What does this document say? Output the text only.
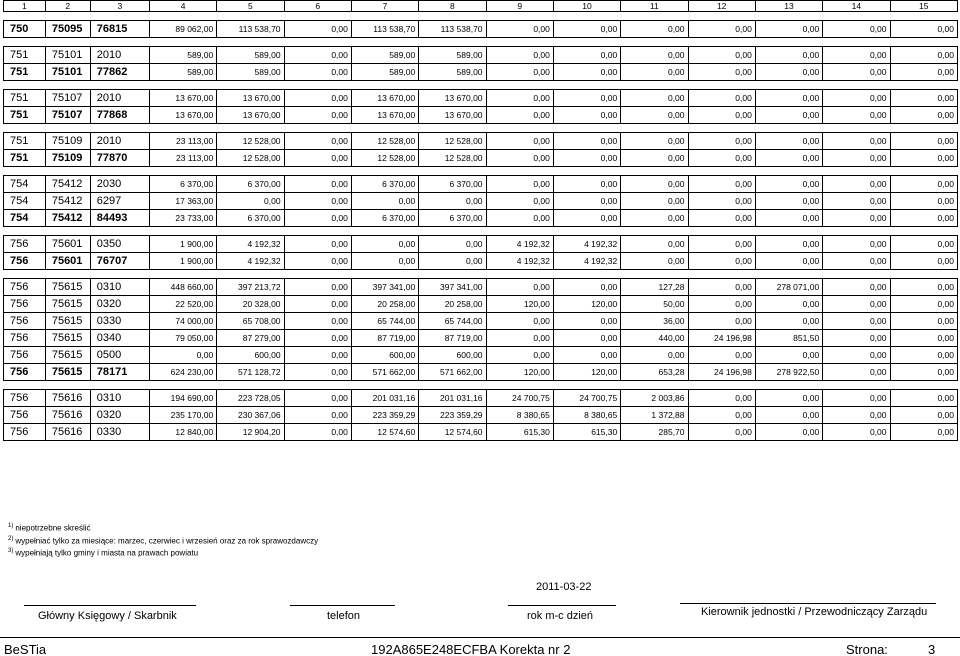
1	2	3	4	5	6	7	8	9	10	11	12	13	14	15

750	75095	76815	89 062,00	113 538,70	0,00	113 538,70	113 538,70	0,00	0,00	0,00	0,00	0,00	0,00	0,00

751	75101	2010	589,00	589,00	0,00	589,00	589,00	0,00	0,00	0,00	0,00	0,00	0,00	0,00
751	75101	77862	589,00	589,00	0,00	589,00	589,00	0,00	0,00	0,00	0,00	0,00	0,00	0,00

751	75107	2010	13 670,00	13 670,00	0,00	13 670,00	13 670,00	0,00	0,00	0,00	0,00	0,00	0,00	0,00
751	75107	77868	13 670,00	13 670,00	0,00	13 670,00	13 670,00	0,00	0,00	0,00	0,00	0,00	0,00	0,00

751	75109	2010	23 113,00	12 528,00	0,00	12 528,00	12 528,00	0,00	0,00	0,00	0,00	0,00	0,00	0,00
751	75109	77870	23 113,00	12 528,00	0,00	12 528,00	12 528,00	0,00	0,00	0,00	0,00	0,00	0,00	0,00

754	75412	2030	6 370,00	6 370,00	0,00	6 370,00	6 370,00	0,00	0,00	0,00	0,00	0,00	0,00	0,00
754	75412	6297	17 363,00	0,00	0,00	0,00	0,00	0,00	0,00	0,00	0,00	0,00	0,00	0,00
754	75412	84493	23 733,00	6 370,00	0,00	6 370,00	6 370,00	0,00	0,00	0,00	0,00	0,00	0,00	0,00

756	75601	0350	1 900,00	4 192,32	0,00	0,00	0,00	4 192,32	4 192,32	0,00	0,00	0,00	0,00	0,00
756	75601	76707	1 900,00	4 192,32	0,00	0,00	0,00	4 192,32	4 192,32	0,00	0,00	0,00	0,00	0,00

756	75615	0310	448 660,00	397 213,72	0,00	397 341,00	397 341,00	0,00	0,00	127,28	0,00	278 071,00	0,00	0,00
756	75615	0320	22 520,00	20 328,00	0,00	20 258,00	20 258,00	120,00	120,00	50,00	0,00	0,00	0,00	0,00
756	75615	0330	74 000,00	65 708,00	0,00	65 744,00	65 744,00	0,00	0,00	36,00	0,00	0,00	0,00	0,00
756	75615	0340	79 050,00	87 279,00	0,00	87 719,00	87 719,00	0,00	0,00	440,00	24 196,98	851,50	0,00	0,00
756	75615	0500	0,00	600,00	0,00	600,00	600,00	0,00	0,00	0,00	0,00	0,00	0,00	0,00
756	75615	78171	624 230,00	571 128,72	0,00	571 662,00	571 662,00	120,00	120,00	653,28	24 196,98	278 922,50	0,00	0,00

756	75616	0310	194 690,00	223 728,05	0,00	201 031,16	201 031,16	24 700,75	24 700,75	2 003,86	0,00	0,00	0,00	0,00
756	75616	0320	235 170,00	230 367,06	0,00	223 359,29	223 359,29	8 380,65	8 380,65	1 372,88	0,00	0,00	0,00	0,00
756	75616	0330	12 840,00	12 904,20	0,00	12 574,60	12 574,60	615,30	615,30	285,70	0,00	0,00	0,00	0,00
$^{1)}$ niepotrzebne skreślić
$^{2)}$ wypełniać tylko za miesiące: marzec, czerwiec i wrzesień oraz za rok sprawozdawczy
$^{3)}$ wypełniają tylko gminy i miasta na prawach powiatu
2011-03-22
Główny Księgowy / Skarbnik	telefon	rok m-c dzień	Kierownik jednostki / Przewodniczący Zarządu
BeSTia	192A865E248ECFBA Korekta nr 2	Strona:	3
